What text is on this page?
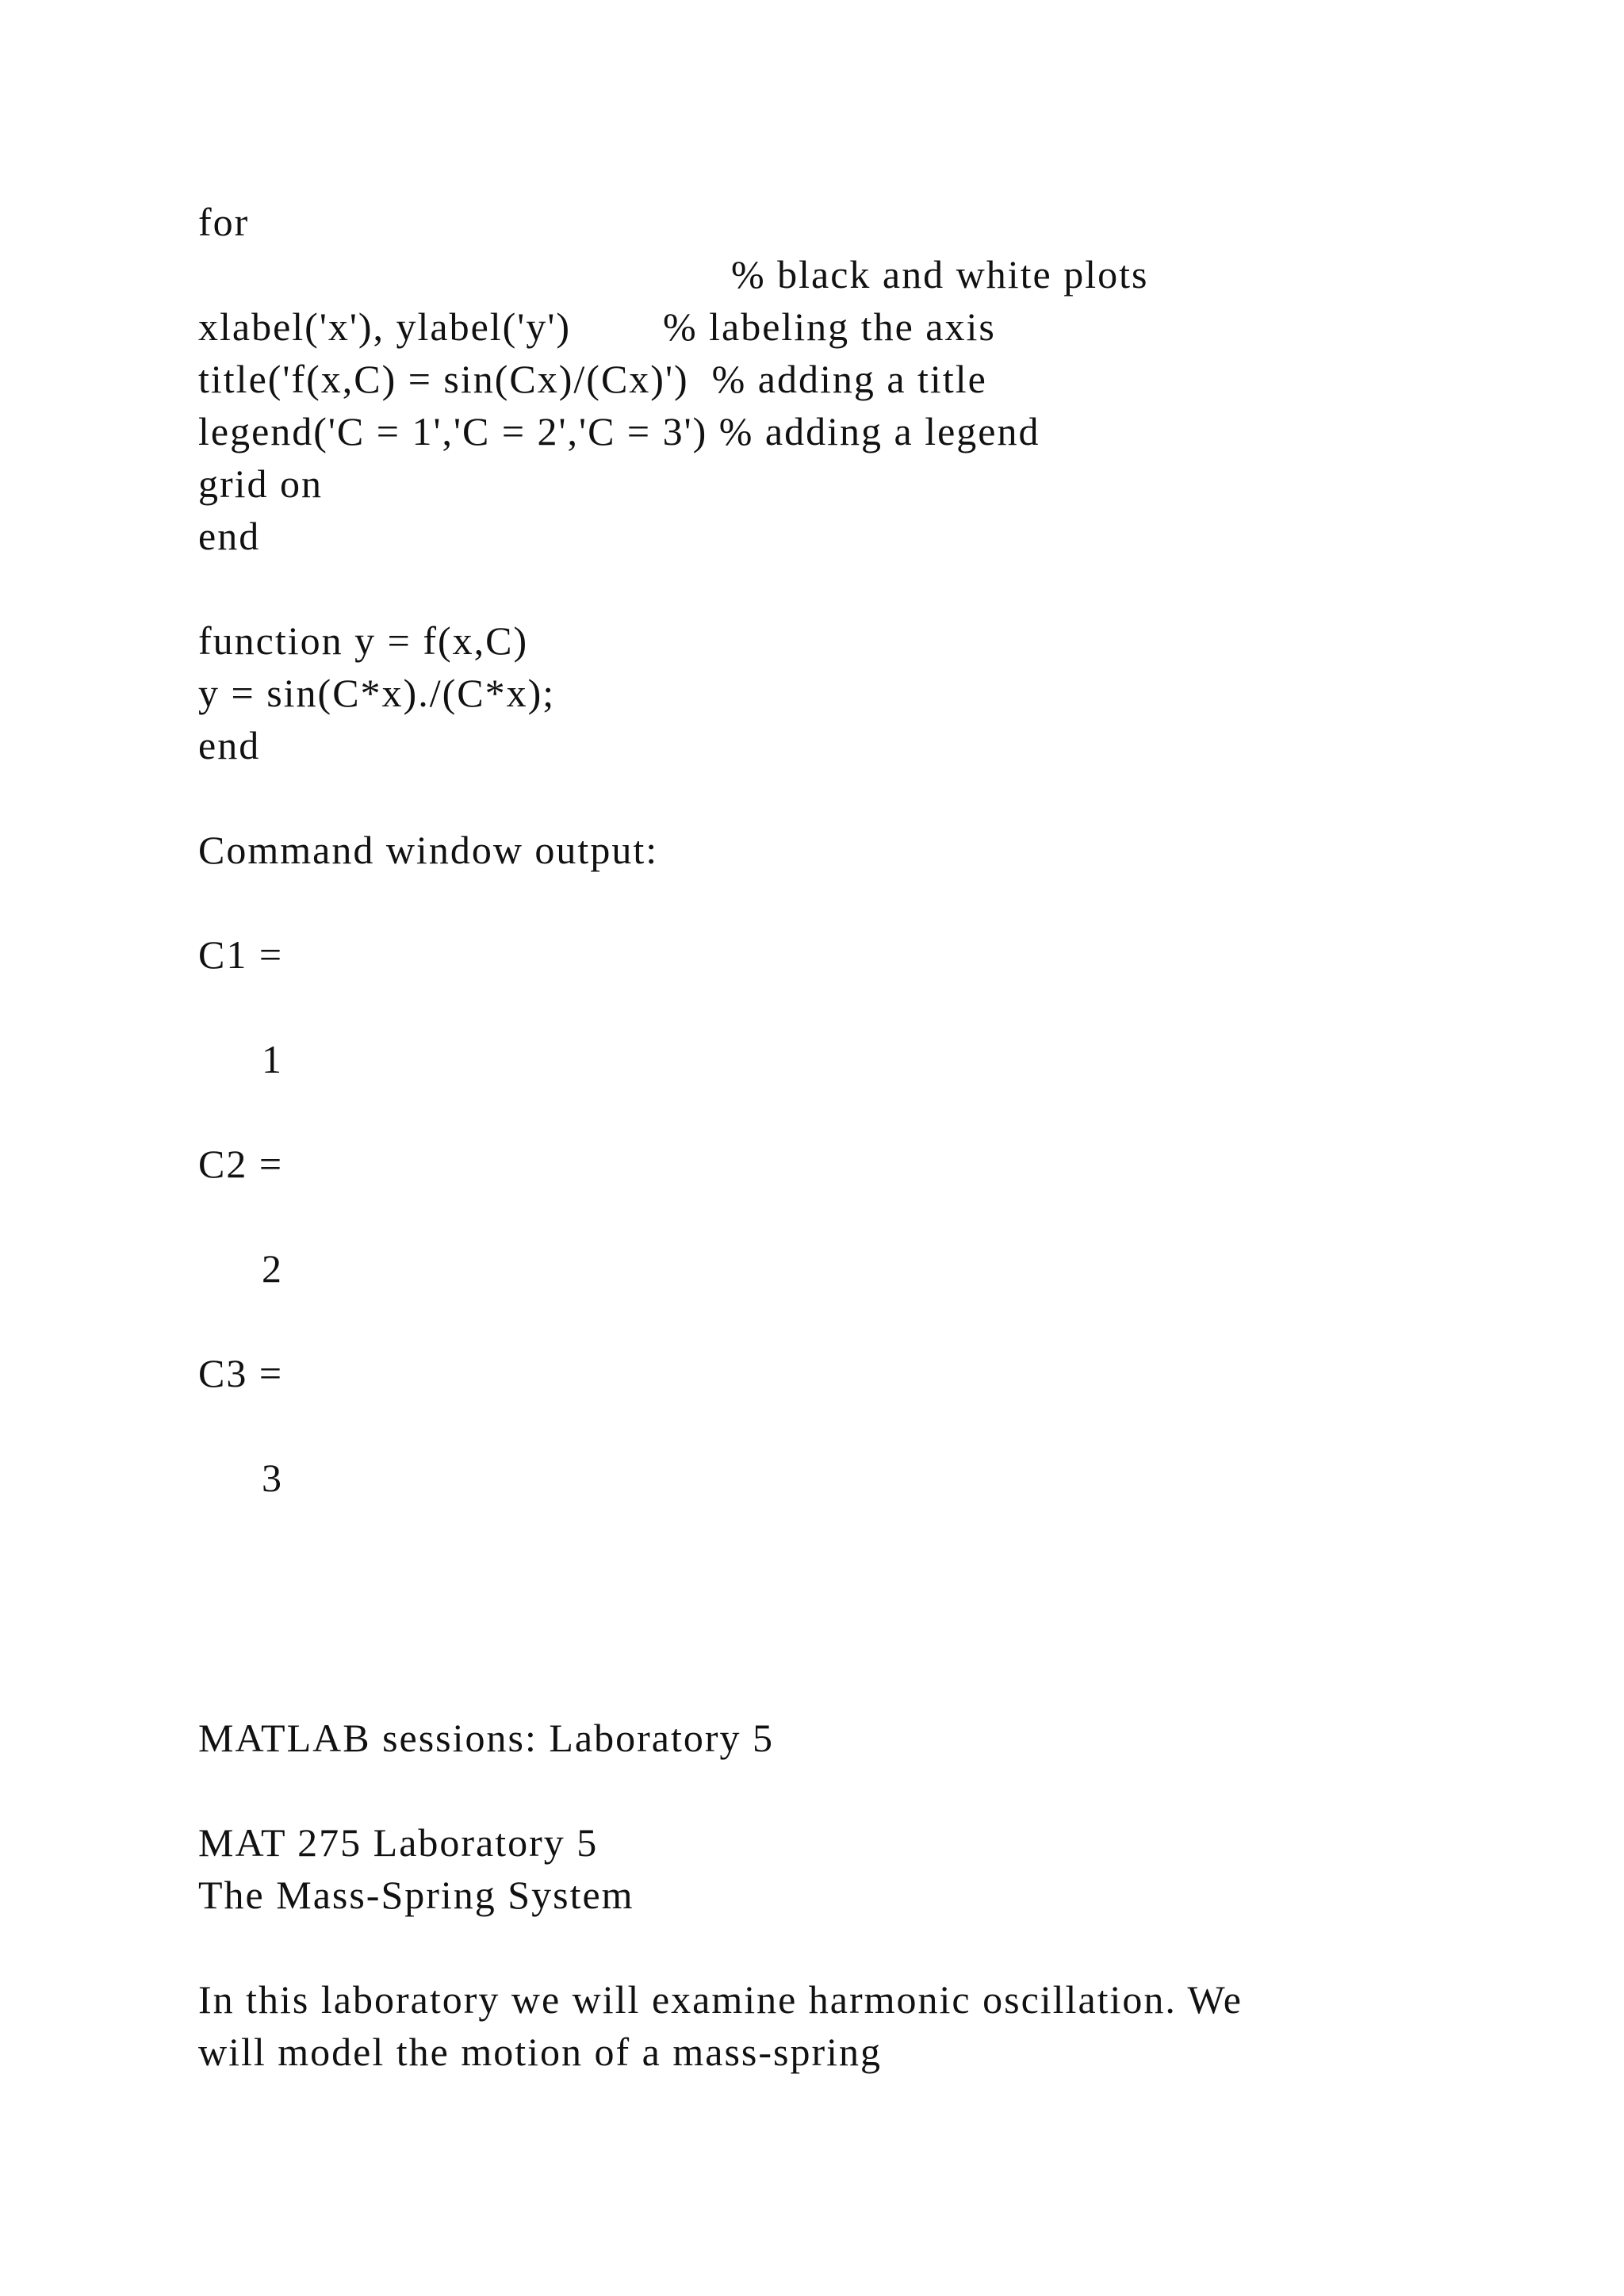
for
% black and white plots
xlabel('x'), ylabel('y')        % labeling the axis
title('f(x,C) = sin(Cx)/(Cx)')  % adding a title
legend('C = 1','C = 2','C = 3') % adding a legend
grid on
end
function y = f(x,C)
y = sin(C*x)./(C*x);
end
Command window output:
C1 =
1
C2 =
2
C3 =
3
MATLAB sessions: Laboratory 5
MAT 275 Laboratory 5
The Mass-Spring System
In this laboratory we will examine harmonic oscillation. We
will model the motion of a mass-spring
